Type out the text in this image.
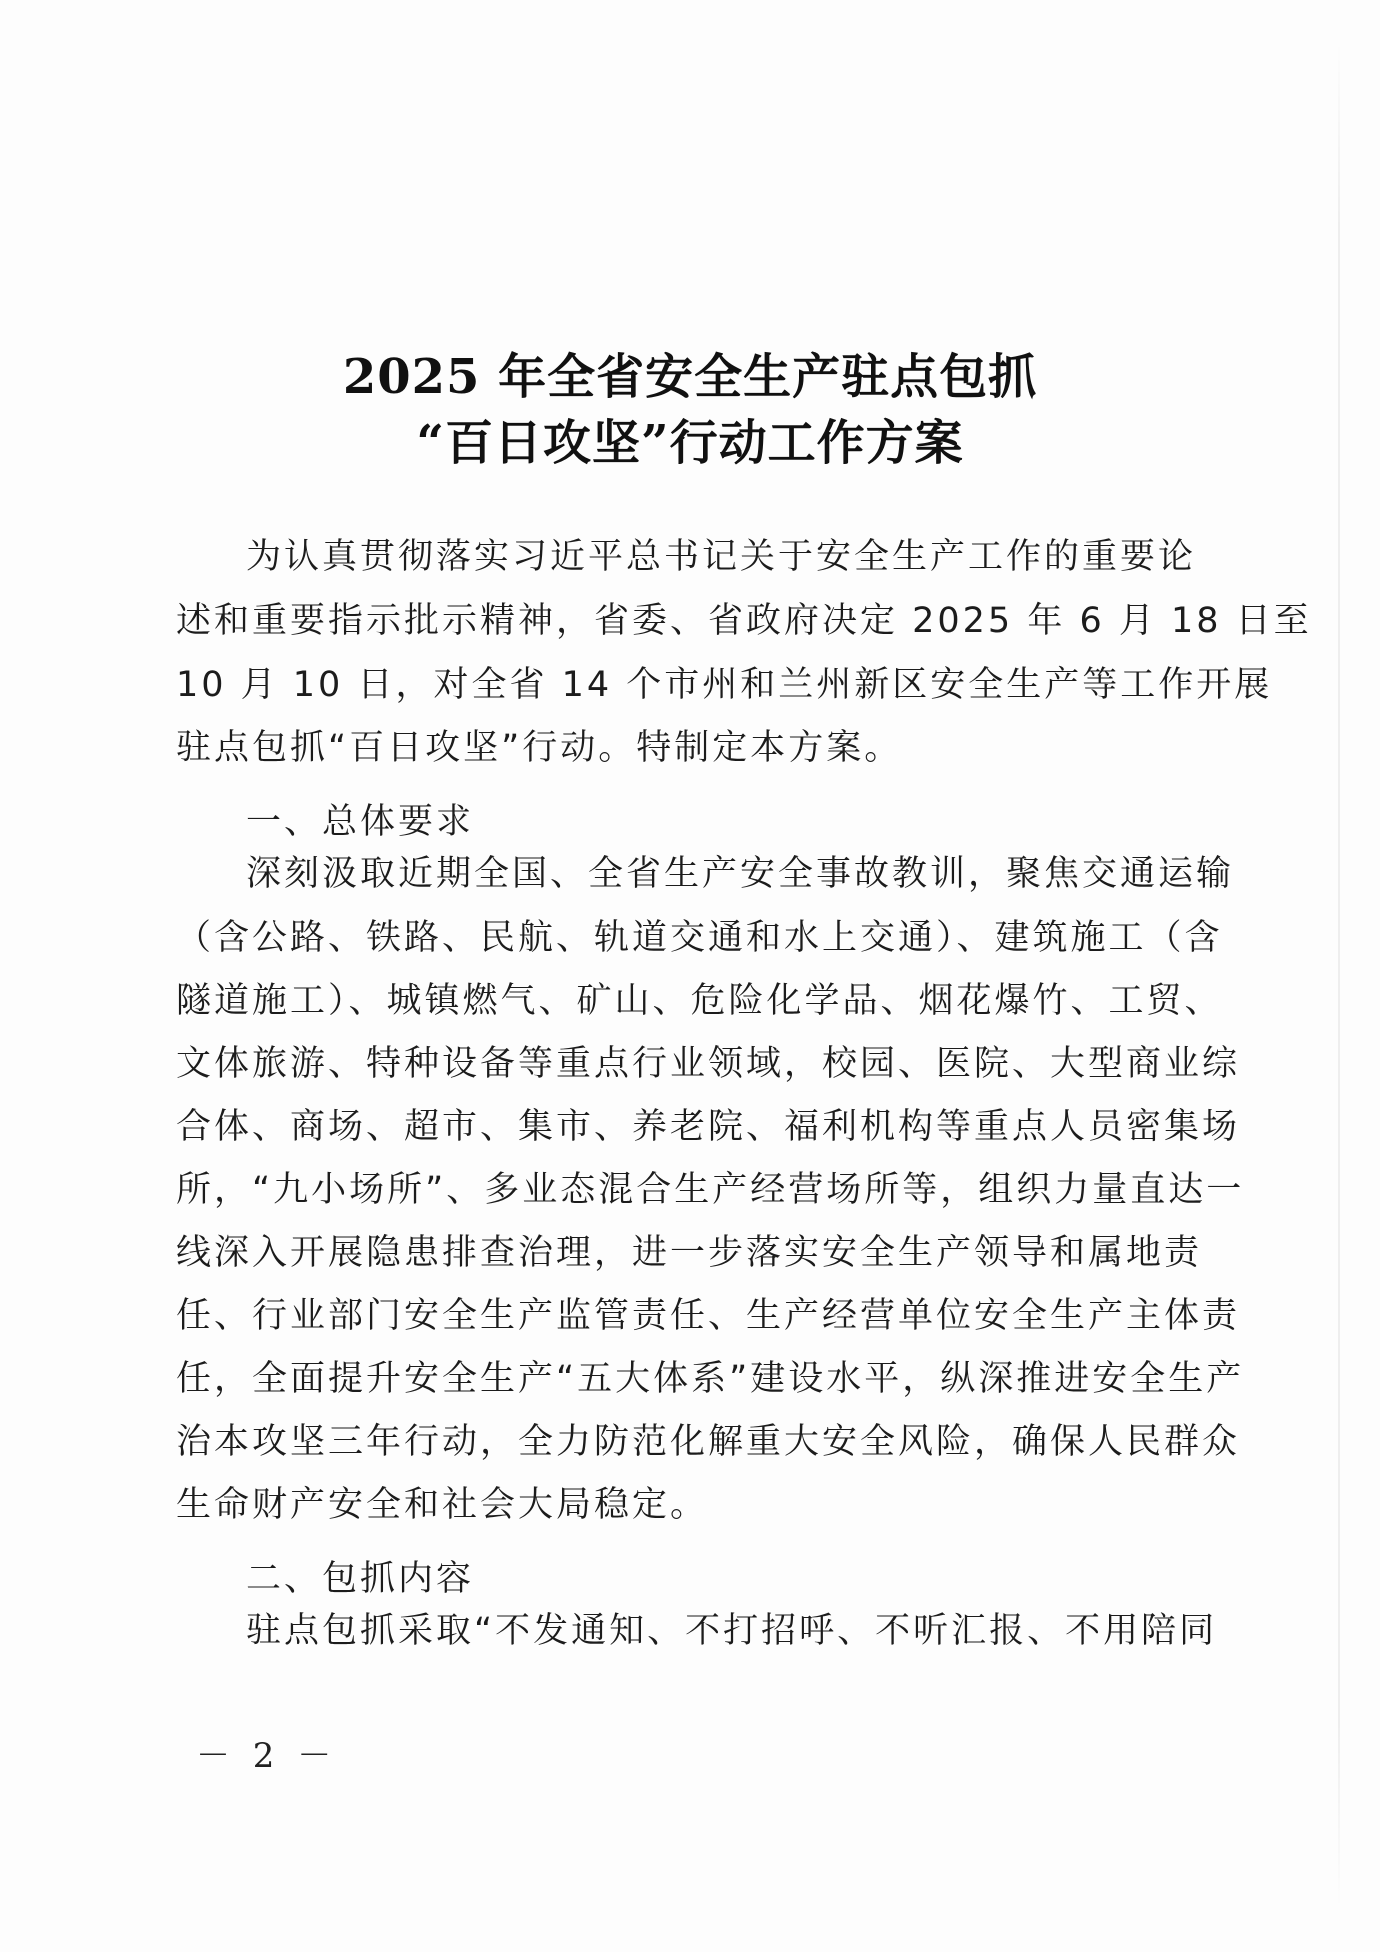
2025 年全省安全生产驻点包抓
“百日攻坚”行动工作方案
为认真贯彻落实习近平总书记关于安全生产工作的重要论
述和重要指示批示精神，省委、省政府决定 2025 年 6 月 18 日至
10 月 10 日，对全省 14 个市州和兰州新区安全生产等工作开展
驻点包抓“百日攻坚”行动。特制定本方案。
一、总体要求
深刻汲取近期全国、全省生产安全事故教训，聚焦交通运输
（含公路、铁路、民航、轨道交通和水上交通）、建筑施工（含
隧道施工）、城镇燃气、矿山、危险化学品、烟花爆竹、工贸、
文体旅游、特种设备等重点行业领域，校园、医院、大型商业综
合体、商场、超市、集市、养老院、福利机构等重点人员密集场
所，“九小场所”、多业态混合生产经营场所等，组织力量直达一
线深入开展隐患排查治理，进一步落实安全生产领导和属地责
任、行业部门安全生产监管责任、生产经营单位安全生产主体责
任，全面提升安全生产“五大体系”建设水平，纵深推进安全生产
治本攻坚三年行动，全力防范化解重大安全风险，确保人民群众
生命财产安全和社会大局稳定。
二、包抓内容
驻点包抓采取“不发通知、不打招呼、不听汇报、不用陪同
－ 2 －
